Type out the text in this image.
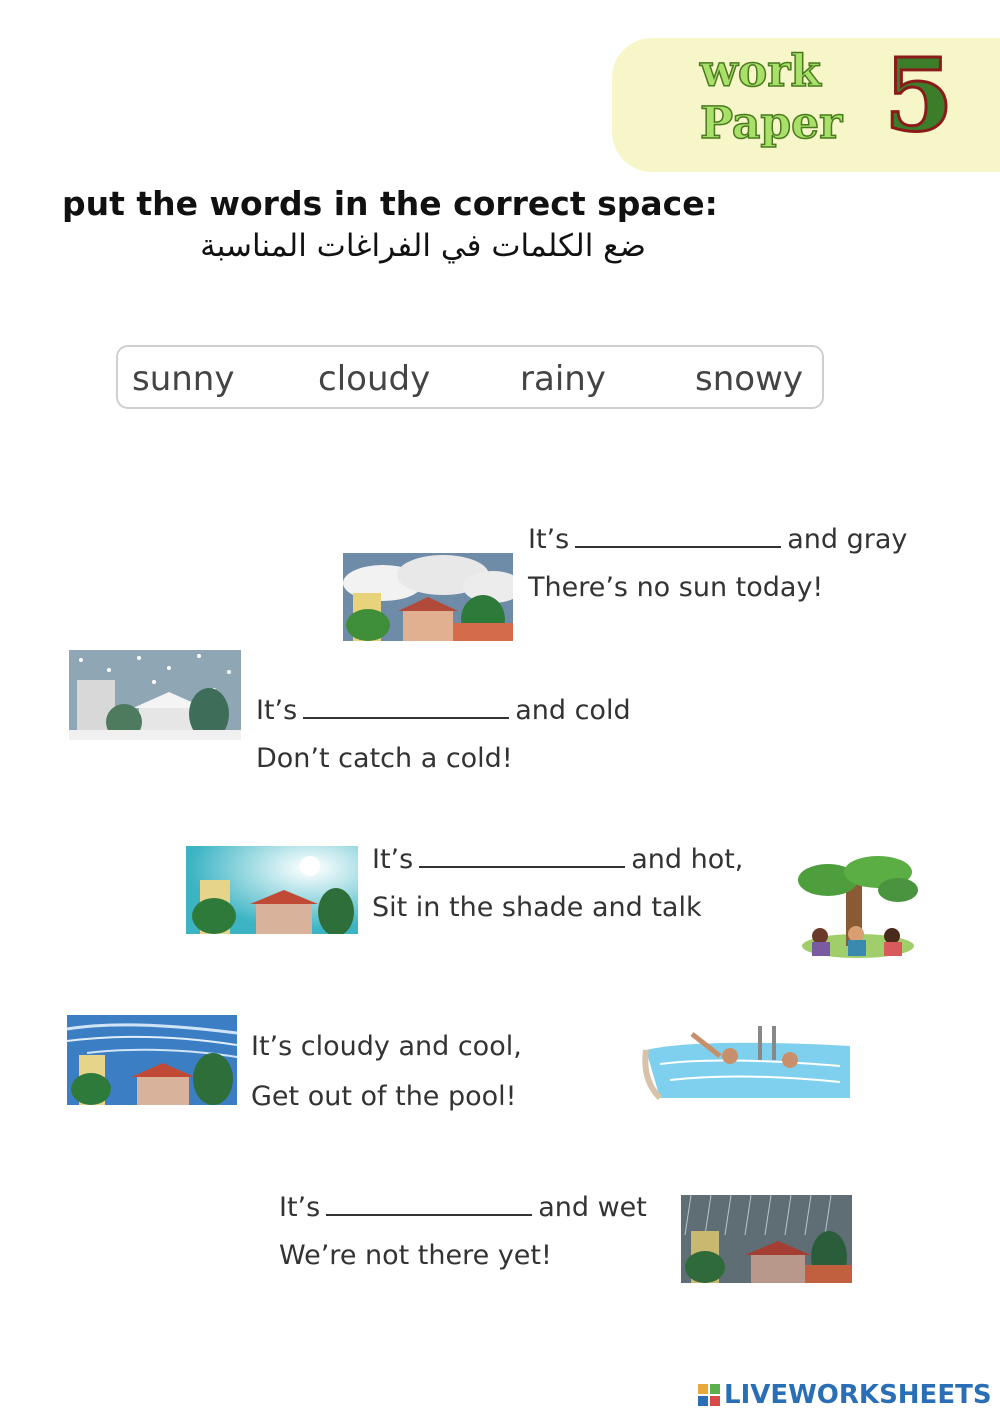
work
Paper 5
put the words in the correct space:
ضع الكلمات في الفراغات المناسبة
sunny cloudy	rainy	snowy
It’s	and gray
There’s no sun today!
It’s	and cold
Don’t catch a cold!
It’s	and hot,
Sit in the shade and talk
It’s cloudy and cool,
Get out of the pool!
It’s	and wet
We’re not there yet!
LIVEWORKSHEETS
